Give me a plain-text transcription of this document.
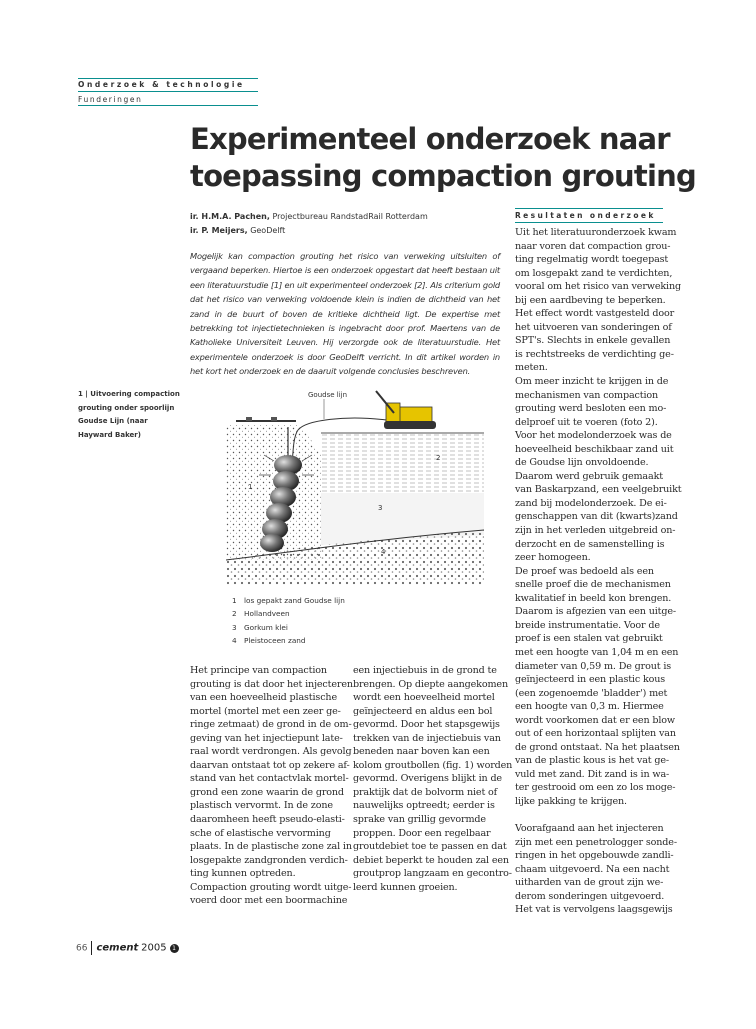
Onderzoek & technologie
Funderingen
Experimenteel onderzoek naar
toepassing compaction grouting
ir. H.M.A. Pachen, Projectbureau RandstadRail Rotterdam
ir. P. Meijers, GeoDelft
Mogelijk kan compaction grouting het risico van verweking uitsluiten of vergaand beperken. Hiertoe is een onderzoek opgestart dat heeft bestaan uit een literatuurstudie [1] en uit experimenteel onderzoek [2]. Als criterium gold dat het risico van verweking voldoende klein is indien de dichtheid van het zand in de buurt of boven de kritieke dichtheid ligt. De expertise met betrekking tot injectietechnieken is ingebracht door prof. Maertens van de Katholieke Universiteit Leuven. Hij verzorgde ook de literatuurstudie. Het experimentele onderzoek is door GeoDelft verricht. In dit artikel worden in het kort het onderzoek en de daaruit volgende conclusies beschreven.
Resultaten onderzoek
1 | Uitvoering compaction grouting onder spoorlijn Goudse Lijn (naar Hayward Baker)
Goudse lijn
1
2
3
4
1 los gepakt zand Goudse lijn
2 Hollandveen
3 Gorkum klei
4 Pleistoceen zand
Het principe van compaction
grouting is dat door het injecteren
van een hoeveelheid plastische
mortel (mortel met een zeer ge-
ringe zetmaat) de grond in de om-
geving van het injectiepunt late-
raal wordt verdrongen. Als gevolg
daarvan ontstaat tot op zekere af-
stand van het contactvlak mortel-
grond een zone waarin de grond
plastisch vervormt. In de zone
daaromheen heeft pseudo-elasti-
sche of elastische vervorming
plaats. In de plastische zone zal in
losgepakte zandgronden verdich-
ting kunnen optreden.
Compaction grouting wordt uitge-
voerd door met een boormachine
een injectiebuis in de grond te
brengen. Op diepte aangekomen
wordt een hoeveelheid mortel
geïnjecteerd en aldus een bol
gevormd. Door het stapsgewijs
trekken van de injectiebuis van
beneden naar boven kan een
kolom groutbollen (fig. 1) worden
gevormd. Overigens blijkt in de
praktijk dat de bolvorm niet of
nauwelijks optreedt; eerder is
sprake van grillig gevormde
proppen. Door een regelbaar
groutdebiet toe te passen en dat
debiet beperkt te houden zal een
groutprop langzaam en gecontro-
leerd kunnen groeien.
Uit het literatuuronderzoek kwam
naar voren dat compaction grou-
ting regelmatig wordt toegepast
om losgepakt zand te verdichten,
vooral om het risico van verweking
bij een aardbeving te beperken.
Het effect wordt vastgesteld door
het uitvoeren van sonderingen of
SPT's. Slechts in enkele gevallen
is rechtstreeks de verdichting ge-
meten.
Om meer inzicht te krijgen in de
mechanismen van compaction
grouting werd besloten een mo-
delproef uit te voeren (foto 2).
Voor het modelonderzoek was de
hoeveelheid beschikbaar zand uit
de Goudse lijn onvoldoende.
Daarom werd gebruik gemaakt
van Baskarpzand, een veelgebruikt
zand bij modelonderzoek. De ei-
genschappen van dit (kwarts)zand
zijn in het verleden uitgebreid on-
derzocht en de samenstelling is
zeer homogeen.
De proef was bedoeld als een
snelle proef die de mechanismen
kwalitatief in beeld kon brengen.
Daarom is afgezien van een uitge-
breide instrumentatie. Voor de
proef is een stalen vat gebruikt
met een hoogte van 1,04 m en een
diameter van 0,59 m. De grout is
geïnjecteerd in een plastic kous
(een zogenoemde 'bladder') met
een hoogte van 0,3 m. Hiermee
wordt voorkomen dat er een blow
out of een horizontaal splijten van
de grond ontstaat. Na het plaatsen
van de plastic kous is het vat ge-
vuld met zand. Dit zand is in wa-
ter gestrooid om een zo los moge-
lijke pakking te krijgen.

Voorafgaand aan het injecteren
zijn met een penetrologger sonde-
ringen in het opgebouwde zandli-
chaam uitgevoerd. Na een nacht
uitharden van de grout zijn we-
derom sonderingen uitgevoerd.
Het vat is vervolgens laagsgewijs
66 cement 2005 1
